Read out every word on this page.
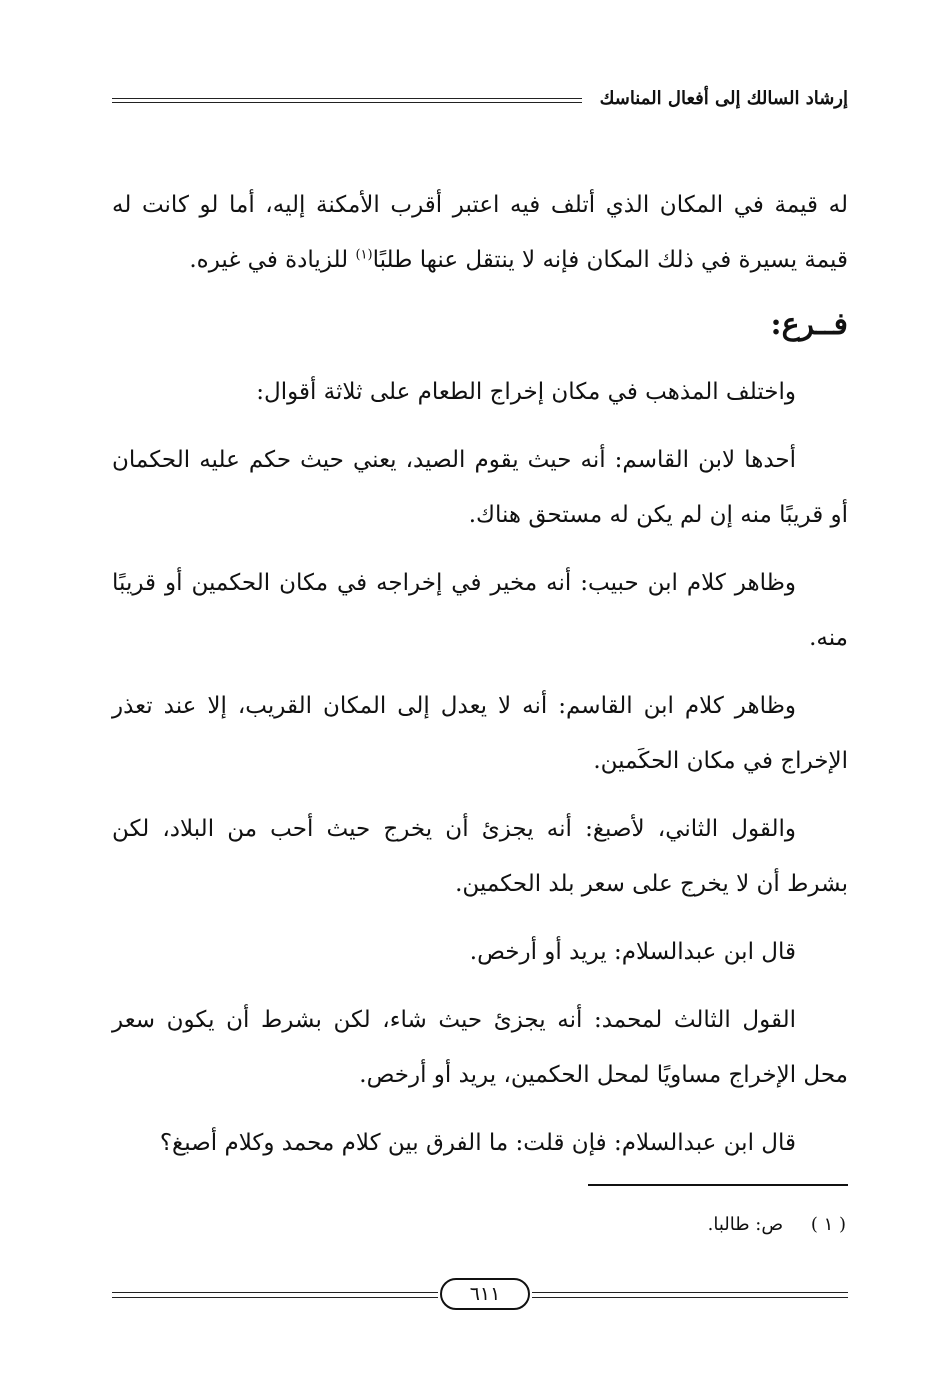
إرشاد السالك إلى أفعال المناسك

له قيمة في المكان الذي أتلف فيه اعتبر أقرب الأمكنة إليه، أما لو كانت له قيمة يسيرة في ذلك المكان فإنه لا ينتقل عنها طلبًا$^{(١)}$ للزيادة في غيره.

فــرع:

واختلف المذهب في مكان إخراج الطعام على ثلاثة أقوال:

أحدها لابن القاسم: أنه حيث يقوم الصيد، يعني حيث حكم عليه الحكمان أو قريبًا منه إن لم يكن له مستحق هناك.

وظاهر كلام ابن حبيب: أنه مخير في إخراجه في مكان الحكمين أو قريبًا منه.

وظاهر كلام ابن القاسم: أنه لا يعدل إلى المكان القريب، إلا عند تعذر الإخراج في مكان الحكَمين.

والقول الثاني، لأصبغ: أنه يجزئ أن يخرج حيث أحب من البلاد، لكن بشرط أن لا يخرج على سعر بلد الحكمين.

قال ابن عبدالسلام: يريد أو أرخص.

القول الثالث لمحمد: أنه يجزئ حيث شاء، لكن بشرط أن يكون سعر محل الإخراج مساويًا لمحل الحكمين، يريد أو أرخص.

قال ابن عبدالسلام: فإن قلت: ما الفرق بين كلام محمد وكلام أصبغ؟

( ١ ) ص: طالبا.
٦١١
